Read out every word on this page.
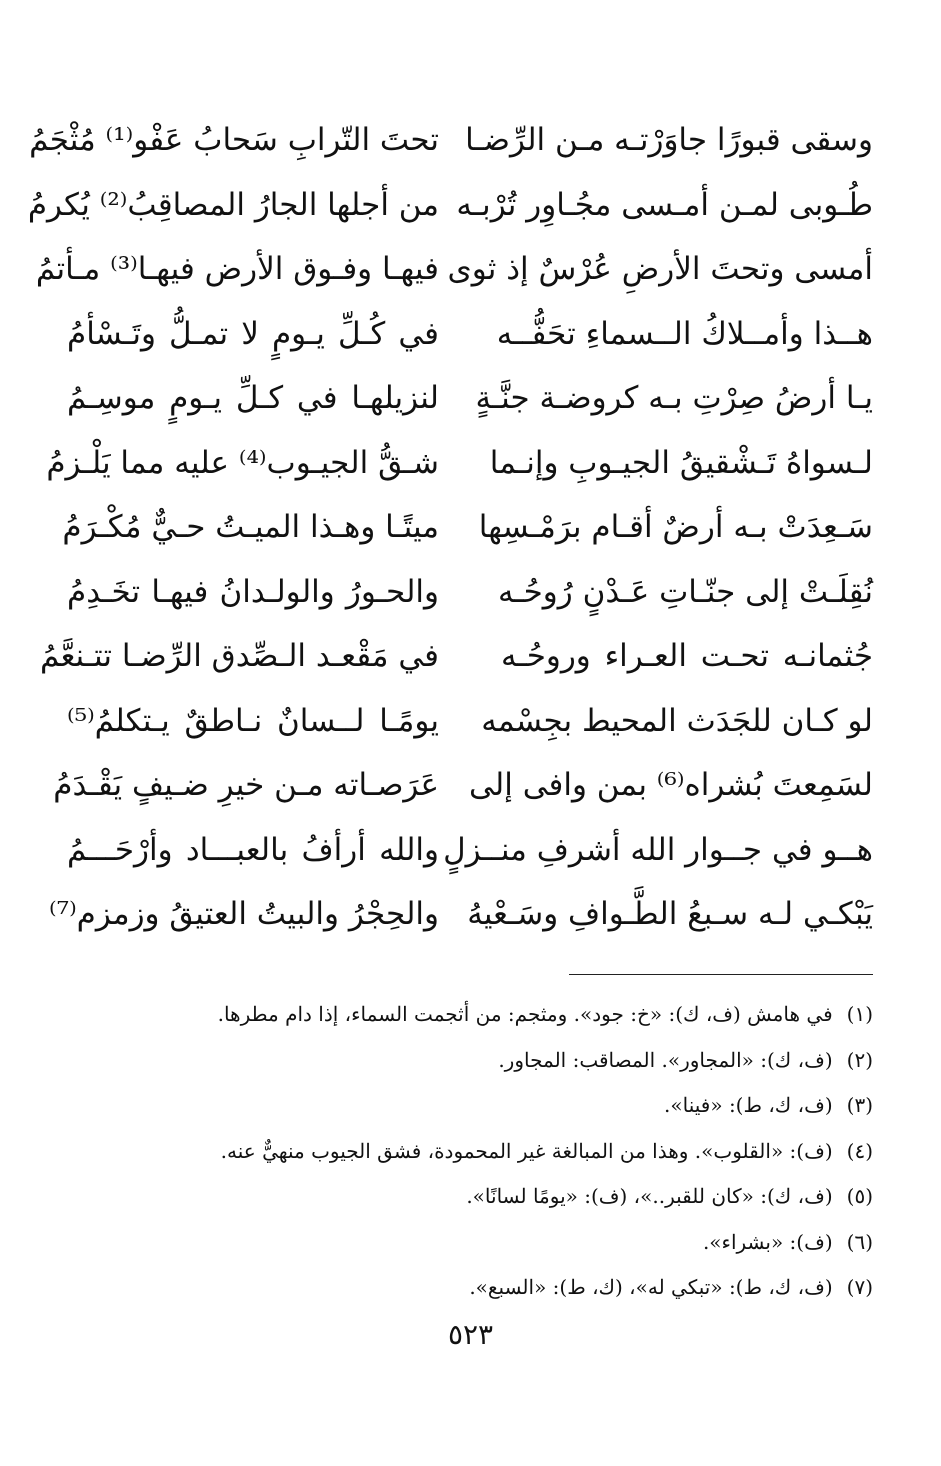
وسقى قبورًا جاوَرْتـه مـن الرِّضـا
تحتَ التّرابِ سَحابُ عَفْو⁽¹⁾ مُثْجَمُ
طُـوبى لمـن أمـسى مجُـاوِر تُرْبـه
من أجلها الجارُ المصاقِبُ⁽²⁾ يُكرمُ
أمسى وتحتَ الأرضِ عُرْسٌ إذ ثوى
فيهـا وفـوق الأرض فيهـا⁽³⁾ مـأتمُ
هــذا وأمــلاكُ الــسماءِ تحَفُّــه
في كُـلِّ يـومٍ لا تمـلُّ وتَـسْأمُ
يـا أرضُ صِرْتِ بـه كروضـة جنَّـةٍ
لنزيلهـا في كـلِّ يـومٍ موسِـمُ
لـسواهُ تَـشْقيقُ الجيـوبِ وإنـما
شـقُّ الجيـوب⁽⁴⁾ عليه مما يَلْـزمُ
سَـعِدَتْ بـه أرضٌ أقـام برَمْـسِها
ميتًـا وهـذا الميـتُ حـيٌّ مُكْـرَمُ
نُقِلَـتْ إلى جنّـاتِ عَـدْنٍ رُوحُـه
والحـورُ والولـدانُ فيهـا تخَـدِمُ
جُثمانـه تحـت العـراء وروحُـه
في مَقْعـد الـصِّدق الرِّضـا تتـنعَّمُ
لو كـان للجَدَث المحيط بجِسْمه
يومًـا لــسانٌ نـاطقٌ يـتكلمُ⁽⁵⁾
لسَمِعتَ بُشراه⁽⁶⁾ بمن وافى إلى
عَرَصـاته مـن خيرِ ضـيفٍ يَقْـدَمُ
هــو في جــوار الله أشرفِ منــزلٍ
والله أرأفُ بالعبـــاد وأرْحَـــمُ
يَبْكـي لـه سـبعُ الطَّـوافِ وسَـعْيهُ
والحِجْرُ والبيتُ العتيقُ وزمزم⁽⁷⁾
(١)في هامش (ف، ك): «خ: جود». ومثجم: من أثجمت السماء، إذا دام مطرها.
(٢)(ف، ك): «المجاور». المصاقب: المجاور.
(٣)(ف، ك، ط): «فينا».
(٤)(ف): «القلوب». وهذا من المبالغة غير المحمودة، فشق الجيوب منهيٌّ عنه.
(٥)(ف، ك): «كان للقبر..»، (ف): «يومًا لسانًا».
(٦)(ف): «بشراء».
(٧)(ف، ك، ط): «تبكي له»، (ك، ط): «السبع».
٥٢٣
